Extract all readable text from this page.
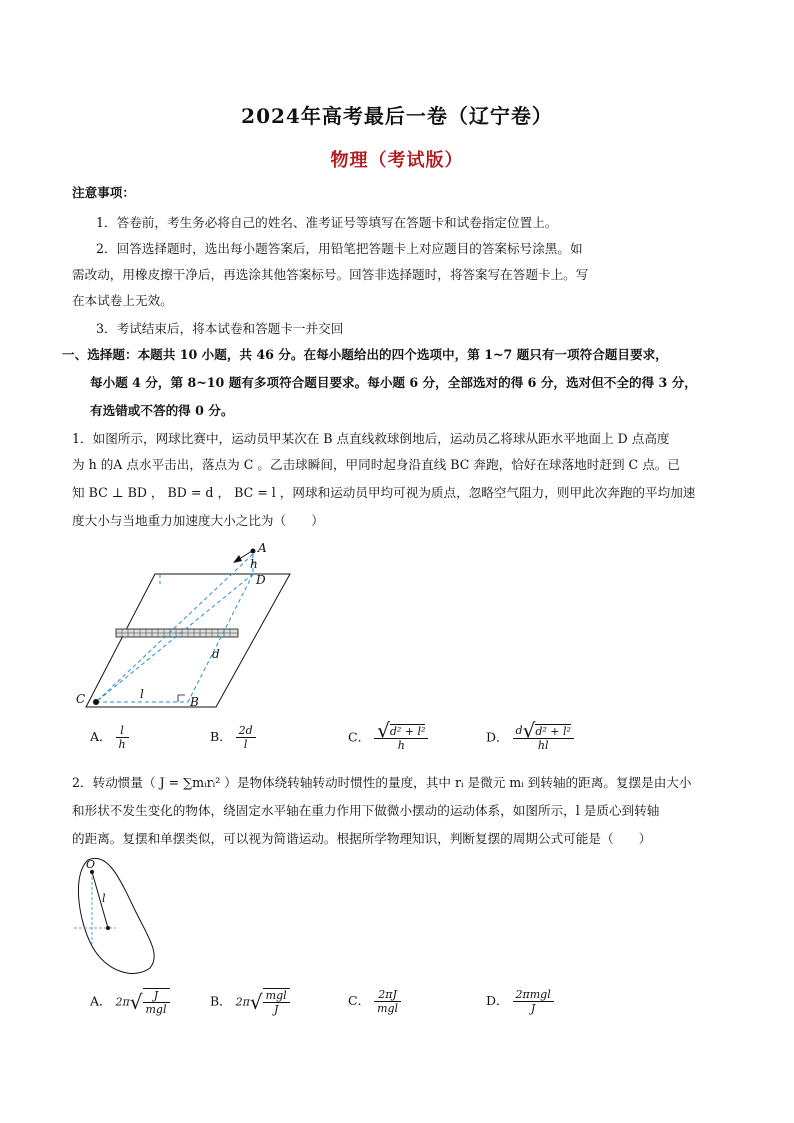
2024年高考最后一卷（辽宁卷）
物理（考试版）
注意事项：
1．答卷前，考生务必将自己的姓名、准考证号等填写在答题卡和试卷指定位置上。
2．回答选择题时，选出每小题答案后，用铅笔把答题卡上对应题目的答案标号涂黑。如
需改动，用橡皮擦干净后，再选涂其他答案标号。回答非选择题时，将答案写在答题卡上。写
在本试卷上无效。
3．考试结束后，将本试卷和答题卡一并交回
一、选择题：本题共 10 小题，共 46 分。在每小题给出的四个选项中，第 1~7 题只有一项符合题目要求，
每小题 4 分，第 8~10 题有多项符合题目要求。每小题 6 分，全部选对的得 6 分，选对但不全的得 3 分，
有选错或不答的得 0 分。
1．如图所示，网球比赛中，运动员甲某次在 B 点直线救球倒地后，运动员乙将球从距水平地面上 D 点高度
为 h 的A 点水平击出，落点为 C 。乙击球瞬间，甲同时起身沿直线 BC 奔跑，恰好在球落地时赶到 C 点。已
知 BC ⊥ BD ， BD = d ， BC = l ，网球和运动员甲均可视为质点，忽略空气阻力，则甲此次奔跑的平均加速
度大小与当地重力加速度大小之比为（　　）
A
h
D
d
C	l
B
A． $\frac{l}{h}$	B． $\frac{2d}{l}$	C． $\frac{\text{√d² + l²}}{h}$	D． $\frac{\text{d√d² + l²}}{hl}$
2．转动惯量（ J = ∑mᵢrᵢ² ）是物体绕转轴转动时惯性的量度，其中 rᵢ 是微元 mᵢ 到转轴的距离。复摆是由大小
和形状不发生变化的物体，绕固定水平轴在重力作用下做微小摆动的运动体系，如图所示，l 是质心到转轴
的距离。复摆和单摆类似，可以视为简谐运动。根据所学物理知识，判断复摆的周期公式可能是（　　）
O
l
A． $2\pi√ \frac{J}{\text{mgl}}$	B． $2\pi√ \frac{\text{mgl}}{J}$	C． $\frac{2\pi J}{\text{mgl}}$	D． $\frac{\text{2πmgl}}{J}$
